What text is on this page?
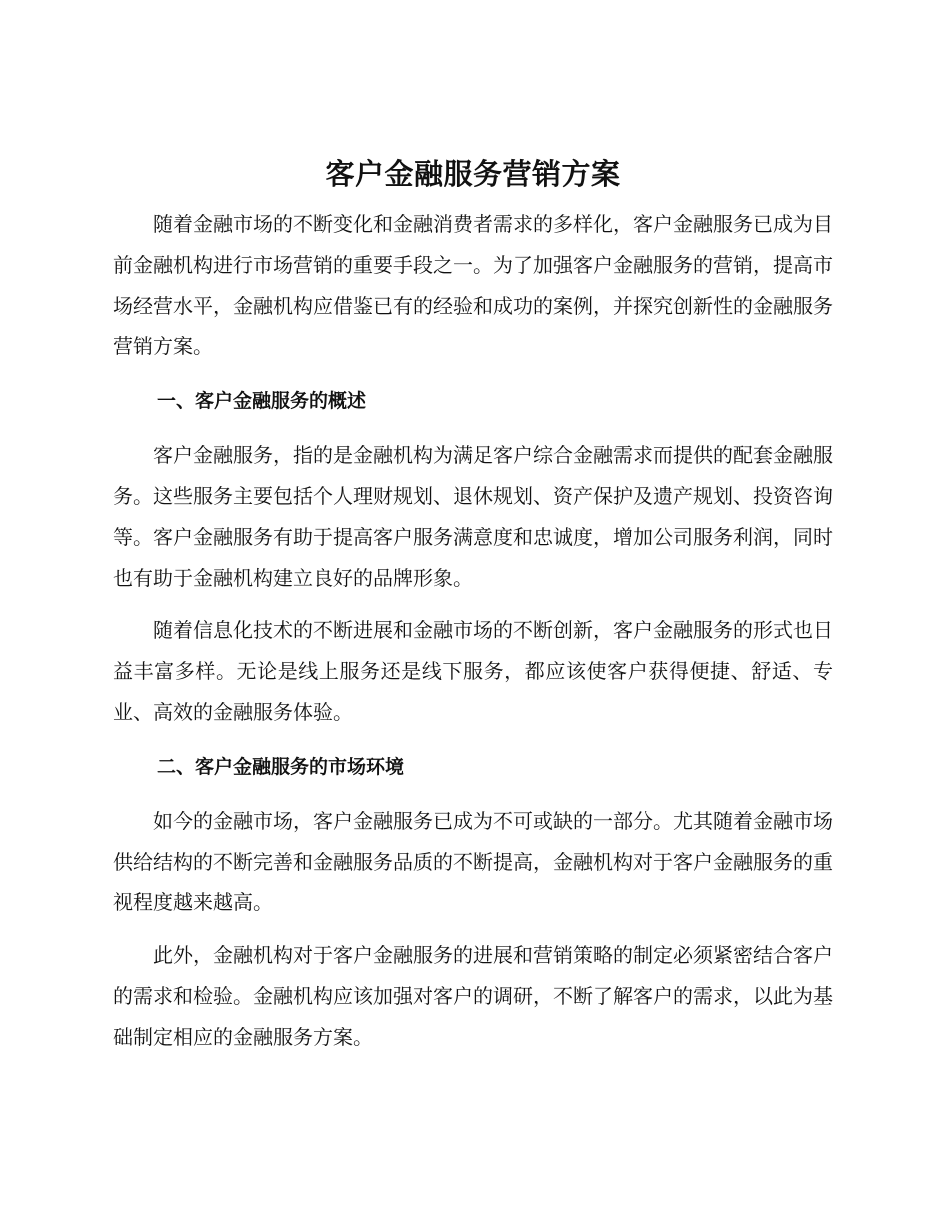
客户金融服务营销方案

随着金融市场的不断变化和金融消费者需求的多样化，客户金融服务已成为目前金融机构进行市场营销的重要手段之一。为了加强客户金融服务的营销，提高市场经营水平，金融机构应借鉴已有的经验和成功的案例，并探究创新性的金融服务营销方案。

一、客户金融服务的概述

客户金融服务，指的是金融机构为满足客户综合金融需求而提供的配套金融服务。这些服务主要包括个人理财规划、退休规划、资产保护及遗产规划、投资咨询等。客户金融服务有助于提高客户服务满意度和忠诚度，增加公司服务利润，同时也有助于金融机构建立良好的品牌形象。

随着信息化技术的不断进展和金融市场的不断创新，客户金融服务的形式也日益丰富多样。无论是线上服务还是线下服务，都应该使客户获得便捷、舒适、专业、高效的金融服务体验。

二、客户金融服务的市场环境

如今的金融市场，客户金融服务已成为不可或缺的一部分。尤其随着金融市场供给结构的不断完善和金融服务品质的不断提高，金融机构对于客户金融服务的重视程度越来越高。

此外，金融机构对于客户金融服务的进展和营销策略的制定必须紧密结合客户的需求和检验。金融机构应该加强对客户的调研，不断了解客户的需求，以此为基础制定相应的金融服务方案。
